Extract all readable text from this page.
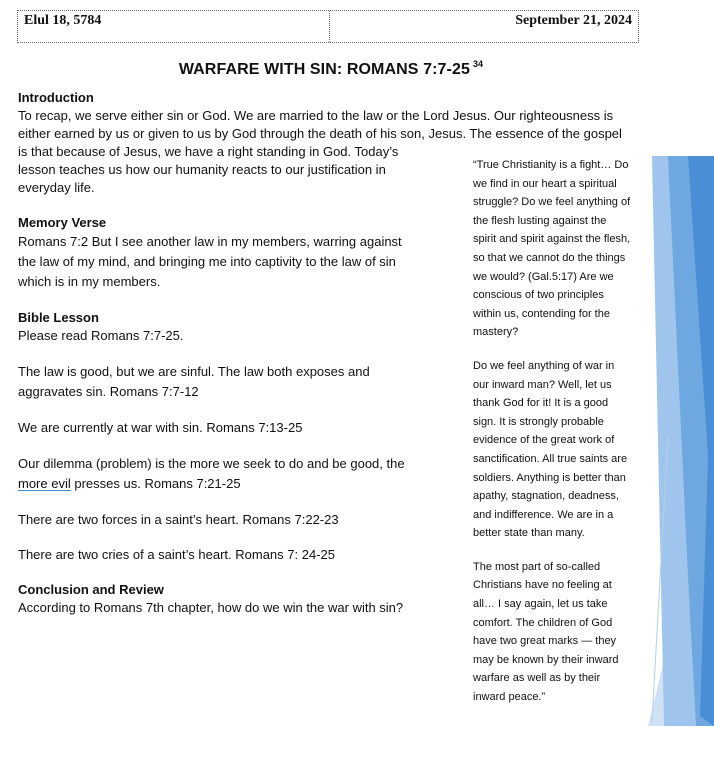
Elul 18, 5784	September 21, 2024
WARFARE WITH SIN: ROMANS 7:7-25 $^{34}$
Introduction
To recap, we serve either sin or God. We are married to the law or the Lord Jesus. Our righteousness is
either earned by us or given to us by God through the death of his son, Jesus. The essence of the gospel
is that because of Jesus, we have a right standing in God. Today’s
lesson teaches us how our humanity reacts to our justification in
everyday life.
Memory Verse
Romans 7:2 But I see another law in my members, warring against
the law of my mind, and bringing me into captivity to the law of sin
which is in my members.
Bible Lesson
Please read Romans 7:7-25.
The law is good, but we are sinful. The law both exposes and
aggravates sin. Romans 7:7-12
We are currently at war with sin. Romans 7:13-25
Our dilemma (problem) is the more we seek to do and be good, the
more evil presses us. Romans 7:21-25
There are two forces in a saint’s heart. Romans 7:22-23
There are two cries of a saint’s heart. Romans 7: 24-25
Conclusion and Review
According to Romans 7th chapter, how do we win the war with sin?
“True Christianity is a fight… Do
we find in our heart a spiritual
struggle? Do we feel anything of
the flesh lusting against the
spirit and spirit against the flesh,
so that we cannot do the things
we would? (Gal.5:17) Are we
conscious of two principles
within us, contending for the
mastery?
Do we feel anything of war in
our inward man? Well, let us
thank God for it! It is a good
sign. It is strongly probable
evidence of the great work of
sanctification. All true saints are
soldiers. Anything is better than
apathy, stagnation, deadness,
and indifference. We are in a
better state than many.
The most part of so-called
Christians have no feeling at
all… I say again, let us take
comfort. The children of God
have two great marks — they
may be known by their inward
warfare as well as by their
inward peace.”
